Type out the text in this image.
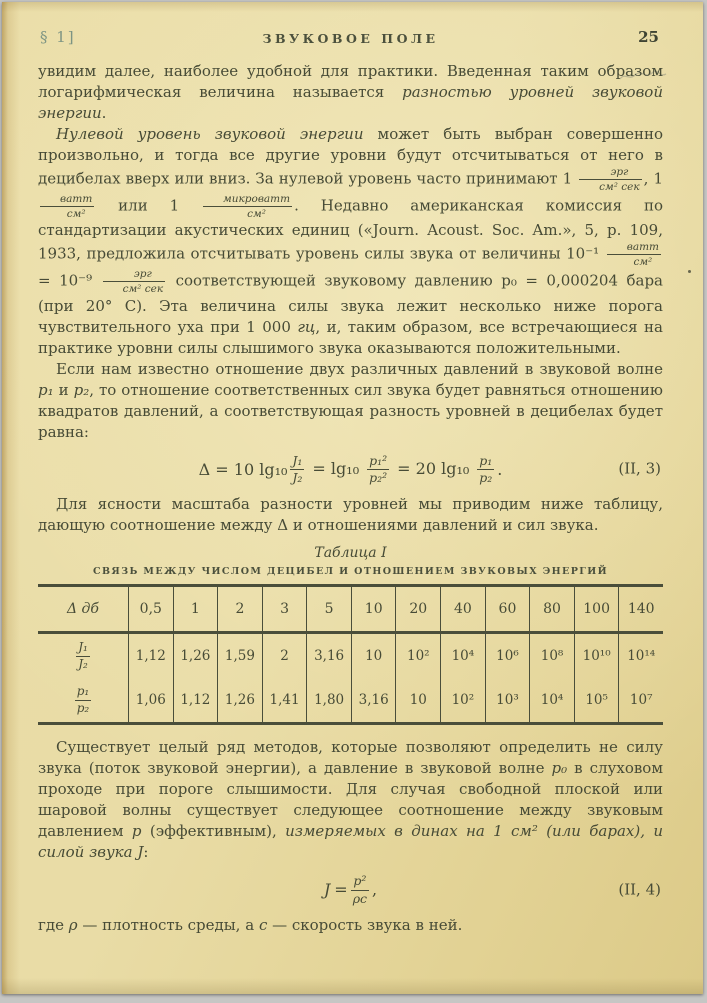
§ 1]	ЗВУКОВОЕ ПОЛЕ	25

увидим далее, наиболее удобной для практики. Введенная таким образом логарифмическая величина называется разностью уровней звуковой энергии.

Нулевой уровень звуковой энергии может быть выбран совершенно произвольно, и тогда все другие уровни будут отсчитываться от него в децибелах вверх или вниз. За нулевой уровень часто принимают $1 \frac{\text{эрг}}{\text{см² сек}}$ , 1
$\frac{\text{ватт}}{\text{см²}}$ или $1 \frac{\text{микроватт}}{\text{см²}}$ . Недавно американская комиссия по стандартизации акустических единиц («Journ. Acoust. Soc. Am.», 5, p. 109, 1933, предложила отсчитывать уровень силы звука от величины $10^{-1} \frac{\text{ватт}}{\text{см²}}$
= $10^{-9} \frac{\text{эрг}}{\text{см² сек}}$ соответствующей звуковому давлению p₀ = 0,000204 бара (при 20° C). Эта величина силы звука лежит несколько ниже порога чувствительного уха при 1 000 гц, и, таким образом, все встречающиеся на практике уровни силы слышимого звука оказываются положительными.

Если нам известно отношение двух различных давлений в звуковой волне p₁ и p₂, то отношение соответственных сил звука будет равняться отношению квадратов давлений, а соответствующая разность уровней в децибелах будет равна:

Δ = 10 $\lg_{10} \frac{\text{J₁}}{\text{J₂}} = \lg_{10} \frac{\text{p₁²}}{\text{p₂²}} = 20$ $\lg_{10} \frac{\text{p₁}}{\text{p₂}}$ .	(II, 3)

Для ясности масштаба разности уровней мы приводим ниже таблицу, дающую соотношение между Δ и отношениями давлений и сил звука.

Таблица I
СВЯЗЬ МЕЖДУ ЧИСЛОМ ДЕЦИБЕЛ И ОТНОШЕНИЕМ ЗВУКОВЫХ ЭНЕРГИЙ
Δ дб	0,5	1	2	3	5	10	20	40	60	80	100	140
$\frac{\text{J₁}}{\text{J₂}}$	1,12	1,26	1,59	2	3,16	10	10²	10⁴	10⁶	10⁸	10¹⁰	10¹⁴
$\frac{\text{p₁}}{\text{p₂}}$	1,06	1,12	1,26	1,41	1,80	3,16	10	10²	10³	10⁴	10⁵	10⁷

Существует целый ряд методов, которые позволяют определить не силу звука (поток звуковой энергии), а давление в звуковой волне p₀ в слуховом проходе при пороге слышимости. Для случая свободной плоской или шаровой волны существует следующее соотношение между звуковым давлением p (эффективным), измеряемых в динах на 1 см² (или барах), и силой звука J:

$J = \frac{\text{p²}}{\rho c}$ ,	(II, 4)

где ρ — плотность среды, а c — скорость звука в ней.
